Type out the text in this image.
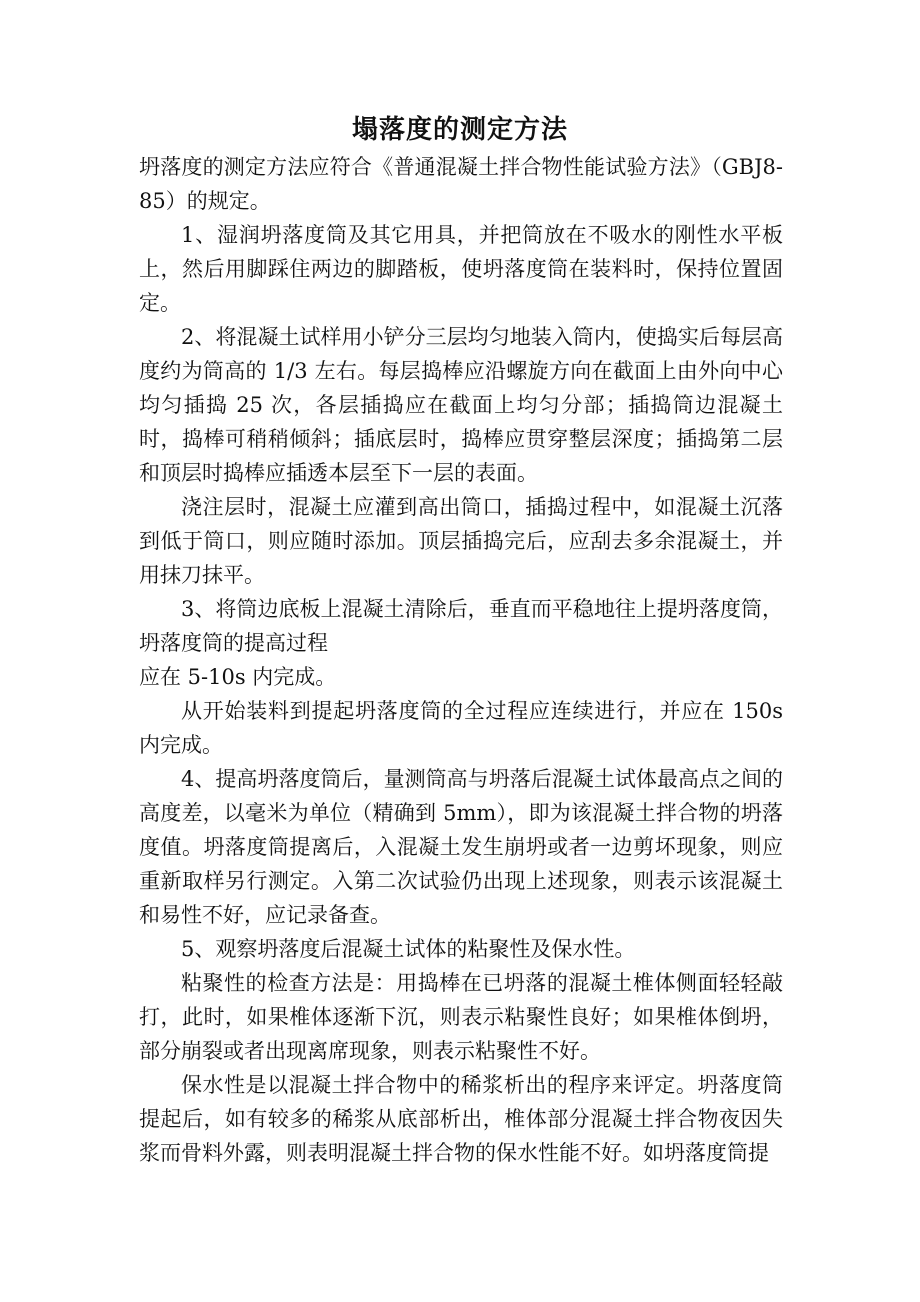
塌落度的测定方法

坍落度的测定方法应符合《普通混凝土拌合物性能试验方法》（GBJ8-85）的规定。

1、湿润坍落度筒及其它用具，并把筒放在不吸水的刚性水平板上，然后用脚踩住两边的脚踏板，使坍落度筒在装料时，保持位置固定。

2、将混凝土试样用小铲分三层均匀地装入筒内，使捣实后每层高度约为筒高的 1/3 左右。每层捣棒应沿螺旋方向在截面上由外向中心均匀插捣 25 次，各层插捣应在截面上均匀分部；插捣筒边混凝土时，捣棒可稍稍倾斜；插底层时，捣棒应贯穿整层深度；插捣第二层和顶层时捣棒应插透本层至下一层的表面。

浇注层时，混凝土应灌到高出筒口，插捣过程中，如混凝土沉落到低于筒口，则应随时添加。顶层插捣完后，应刮去多余混凝土，并用抹刀抹平。

3、将筒边底板上混凝土清除后，垂直而平稳地往上提坍落度筒，坍落度筒的提高过程

应在 5-10s 内完成。

从开始装料到提起坍落度筒的全过程应连续进行，并应在 150s 内完成。

4、提高坍落度筒后，量测筒高与坍落后混凝土试体最高点之间的高度差，以毫米为单位（精确到 5mm），即为该混凝土拌合物的坍落度值。坍落度筒提离后，入混凝土发生崩坍或者一边剪坏现象，则应重新取样另行测定。入第二次试验仍出现上述现象，则表示该混凝土和易性不好，应记录备查。

5、观察坍落度后混凝土试体的粘聚性及保水性。

粘聚性的检查方法是：用捣棒在已坍落的混凝土椎体侧面轻轻敲打，此时，如果椎体逐渐下沉，则表示粘聚性良好；如果椎体倒坍，部分崩裂或者出现离席现象，则表示粘聚性不好。

保水性是以混凝土拌合物中的稀浆析出的程序来评定。坍落度筒提起后，如有较多的稀浆从底部析出，椎体部分混凝土拌合物夜因失浆而骨料外露，则表明混凝土拌合物的保水性能不好。如坍落度筒提
